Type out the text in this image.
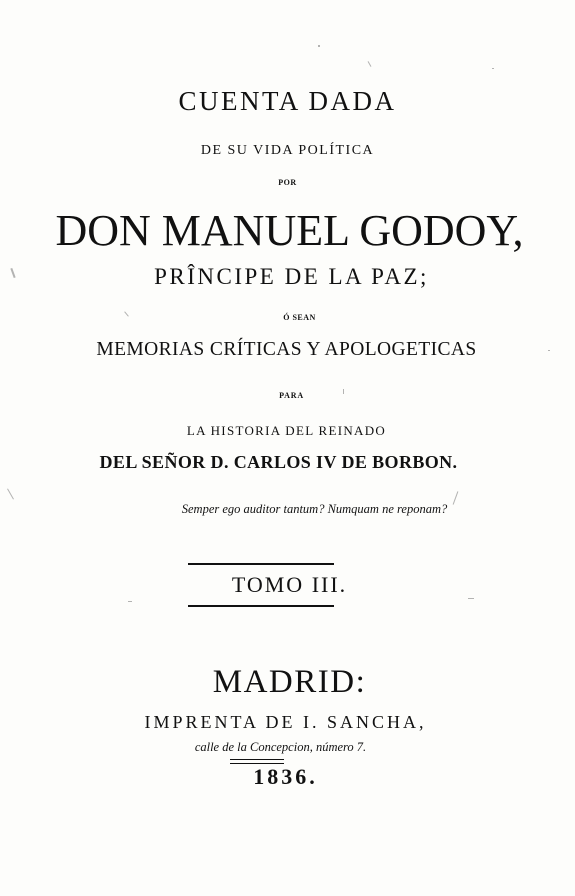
CUENTA DADA
DE SU VIDA POLÍTICA
POR
DON MANUEL GODOY,
PRÎNCIPE DE LA PAZ;
Ó SEAN
MEMORIAS CRÍTICAS Y APOLOGETICAS
PARA
LA HISTORIA DEL REINADO
DEL SEÑOR D. CARLOS IV DE BORBON.
Semper ego auditor tantum? Numquam ne reponam?
TOMO III.
MADRID:
IMPRENTA DE I. SANCHA,
calle de la Concepcion, número 7.
1836.
